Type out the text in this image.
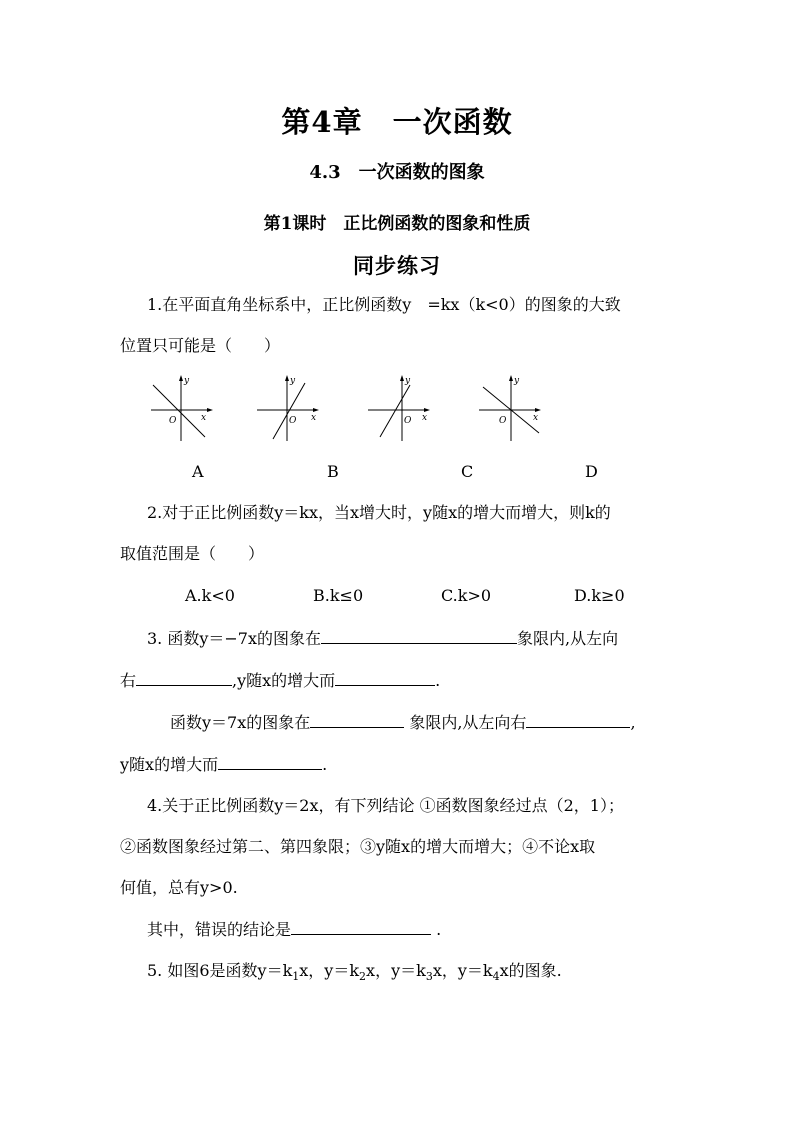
第4章　一次函数
4.3　一次函数的图象
第1课时　正比例函数的图象和性质
同步练习
1.在平面直角坐标系中，正比例函数y　=kx（k<0）的图象的大致
位置只可能是（　　）
y
x
O
y
x
O
y
x
O
y
x
O
A	B	C	D
2.对于正比例函数y＝kx，当x增大时，y随x的增大而增大，则k的
取值范围是（　　）
A.k<0	B.k≤0	C.k>0	D.k≥0
3. 函数y＝−7x的图象在	象限内,从左向
右	,y随x的增大而	.
函数y＝7x的图象在	象限内,从左向右	,
y随x的增大而	.
4.关于正比例函数y＝2x，有下列结论 ①函数图象经过点（2，1）；
②函数图象经过第二、第四象限；③y随x的增大而增大；④不论x取
何值，总有y>0.
其中，错误的结论是	.
5. 如图6是函数$y=k_1x$，$y=k_2x$，$y=k_3x$，$y=k_4x$的图象.
